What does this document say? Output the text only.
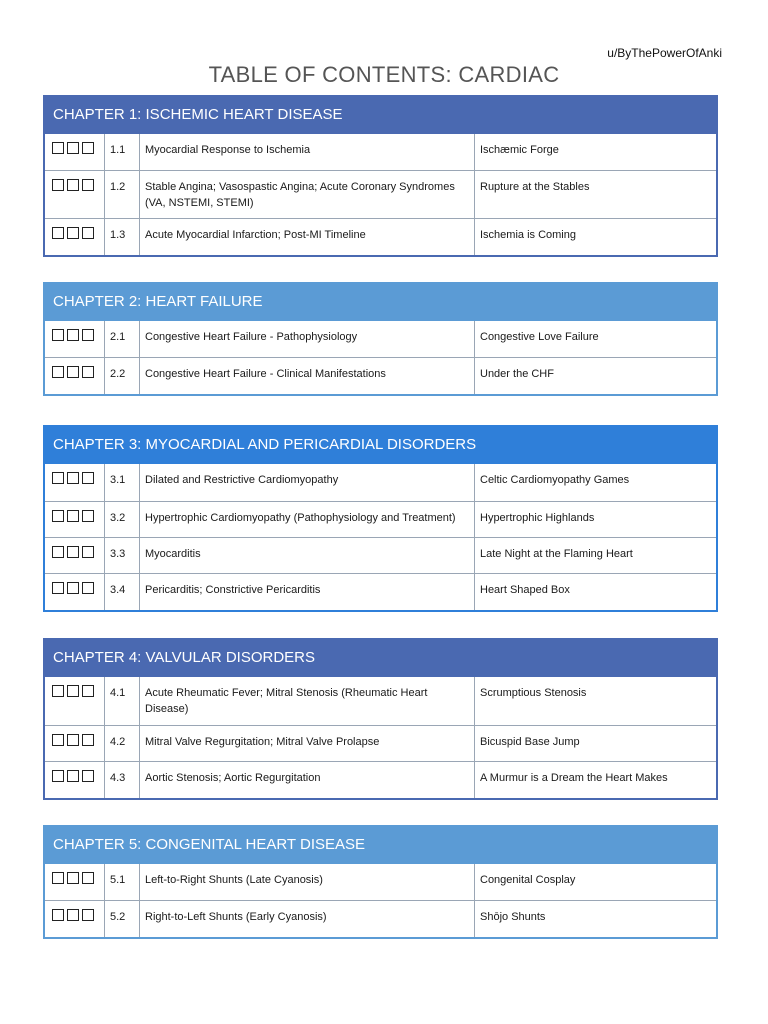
u/ByThePowerOfAnki
TABLE OF CONTENTS: CARDIAC
CHAPTER 1: ISCHEMIC HEART DISEASE
	1.1	Myocardial Response to Ischemia	Ischæmic Forge
	1.2	Stable Angina; Vasospastic Angina; Acute Coronary Syndromes (VA, NSTEMI, STEMI)	Rupture at the Stables
	1.3	Acute Myocardial Infarction; Post-MI Timeline	Ischemia is Coming
CHAPTER 2: HEART FAILURE
	2.1	Congestive Heart Failure - Pathophysiology	Congestive Love Failure
	2.2	Congestive Heart Failure - Clinical Manifestations	Under the CHF
CHAPTER 3: MYOCARDIAL AND PERICARDIAL DISORDERS
	3.1	Dilated and Restrictive Cardiomyopathy	Celtic Cardiomyopathy Games
	3.2	Hypertrophic Cardiomyopathy (Pathophysiology and Treatment)	Hypertrophic Highlands
	3.3	Myocarditis	Late Night at the Flaming Heart
	3.4	Pericarditis; Constrictive Pericarditis	Heart Shaped Box
CHAPTER 4: VALVULAR DISORDERS
	4.1	Acute Rheumatic Fever; Mitral Stenosis (Rheumatic Heart Disease)	Scrumptious Stenosis
	4.2	Mitral Valve Regurgitation; Mitral Valve Prolapse	Bicuspid Base Jump
	4.3	Aortic Stenosis; Aortic Regurgitation	A Murmur is a Dream the Heart Makes
CHAPTER 5: CONGENITAL HEART DISEASE
	5.1	Left-to-Right Shunts (Late Cyanosis)	Congenital Cosplay
	5.2	Right-to-Left Shunts (Early Cyanosis)	Shōjo Shunts
